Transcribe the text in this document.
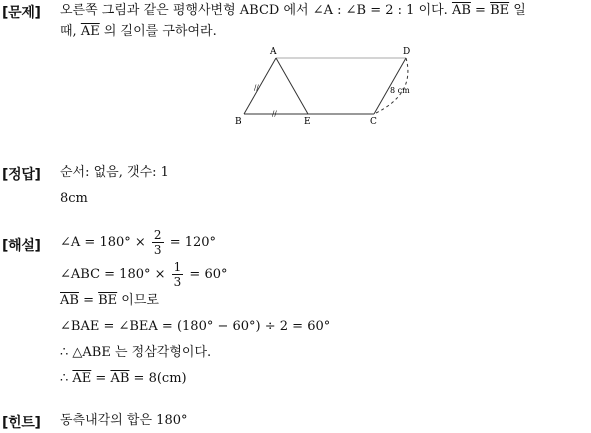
[문제] 오른쪽 그림과 같은 평행사변형 ABCD 에서 ∠A : ∠B = 2 : 1 이다. $\overline{AB} = \overline{BE}$ 일
때, $\overline{AE}$ 의 길이를 구하여라.
A
B	C
D
E
8 cm
//
//
[정답] 순서: 없음, 갯수: 1
8cm
[해설] ∠A = $180^\circ \times \frac{2}{3} = 120^\circ$
∠ABC = $180^\circ \times \frac{1}{3} = 60^\circ$
$\overline{AB} = \overline{BE}$ 이므로
∠BAE = ∠BEA = (180° − 60°) ÷ 2 = 60°
∴ △ABE 는 정삼각형이다.
∴ $\overline{AE} = \overline{AB} = 8(cm)$
[힌트] 동측내각의 합은 180°
